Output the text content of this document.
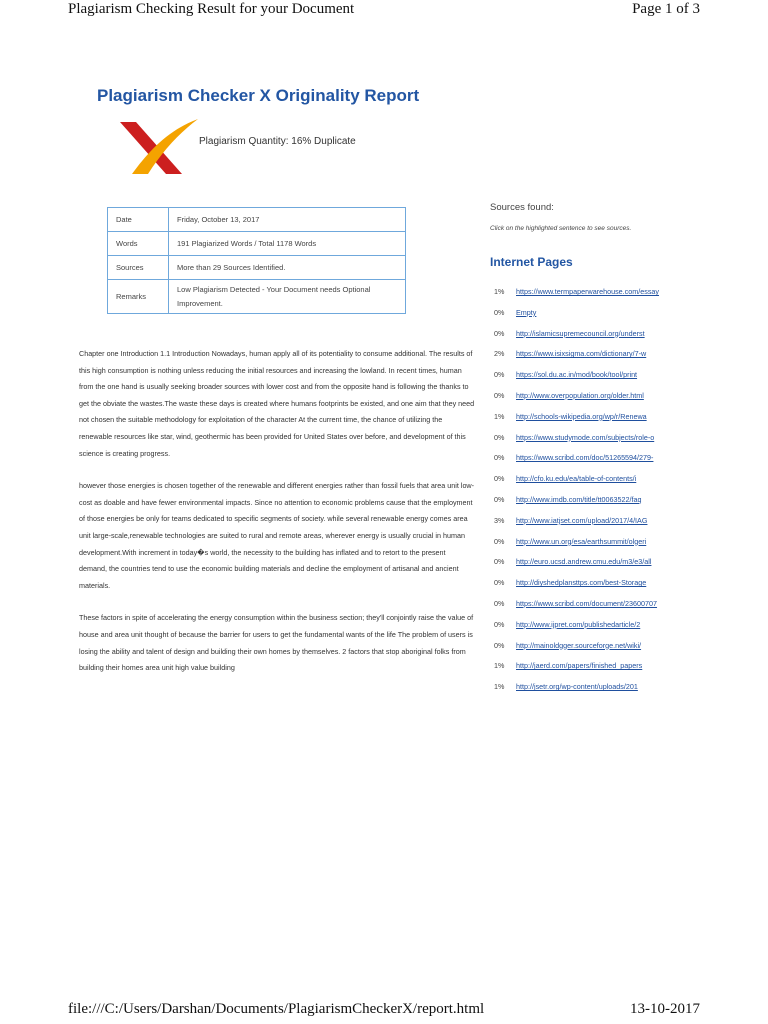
Plagiarism Checking Result for your Document	Page 1 of 3
Plagiarism Checker X Originality Report
Plagiarism Quantity: 16% Duplicate
Date	Friday, October 13, 2017
Words	191 Plagiarized Words / Total 1178 Words
Sources	More than 29 Sources Identified.
Remarks	Low Plagiarism Detected - Your Document needs Optional Improvement.

Chapter one Introduction 1.1 Introduction Nowadays, human apply all of its potentiality to consume additional. The results of this high consumption is nothing unless reducing the initial resources and increasing the lowland. In recent times, human from the one hand is usually seeking broader sources with lower cost and from the opposite hand is following the thanks to get the obviate the wastes.The waste these days is created where humans footprints be existed, and one aim that they need not chosen the suitable methodology for exploitation of the character At the current time, the chance of utilizing the renewable resources like star, wind, geothermic has been provided for United States over before, and development of this science is creating progress.

however those energies is chosen together of the renewable and different energies rather than fossil fuels that area unit low-cost as doable and have fewer environmental impacts. Since no attention to economic problems cause that the employment of those energies be only for teams dedicated to specific segments of society. while several renewable energy comes area unit large-scale,renewable technologies are suited to rural and remote areas, wherever energy is usually crucial in human development.With increment in today�s world, the necessity to the building has inflated and to retort to the present demand, the countries tend to use the economic building materials and decline the employment of artisanal and ancient materials.

These factors in spite of accelerating the energy consumption within the business section; they'll conjointly raise the value of house and area unit thought of because the barrier for users to get the fundamental wants of the life The problem of users is losing the ability and talent of design and building their own homes by themselves. 2 factors that stop aboriginal folks from building their homes area unit high value building

Sources found:
Click on the highlighted sentence to see sources.
Internet Pages
1% https://www.termpaperwarehouse.com/essay
0% Empty
0% http://islamicsupremecouncil.org/underst
2% https://www.isixsigma.com/dictionary/7-w
0% https://sol.du.ac.in/mod/book/tool/print
0% http://www.overpopulation.org/older.html
1% http://schools-wikipedia.org/wp/r/Renewa
0% https://www.studymode.com/subjects/role-o
0% https://www.scribd.com/doc/51265594/279-
0% http://cfo.ku.edu/ea/table-of-contents/i
0% http://www.imdb.com/title/tt0063522/faq
3% http://www.iatjset.com/upload/2017/4/IAG
0% http://www.un.org/esa/earthsummit/olgeri
0% http://euro.ucsd.andrew.cmu.edu/m3/e3/all
0% http://diyshedplansttps.com/best-Storage
0% https://www.scribd.com/document/23600707
0% http://www.ijpret.com/publishedarticle/2
0% http://mainoldgger.sourceforge.net/wiki/
1% http://jaerd.com/papers/finished_papers
1% http://jsetr.org/wp-content/uploads/201
file:///C:/Users/Darshan/Documents/PlagiarismCheckerX/report.html	13-10-2017
